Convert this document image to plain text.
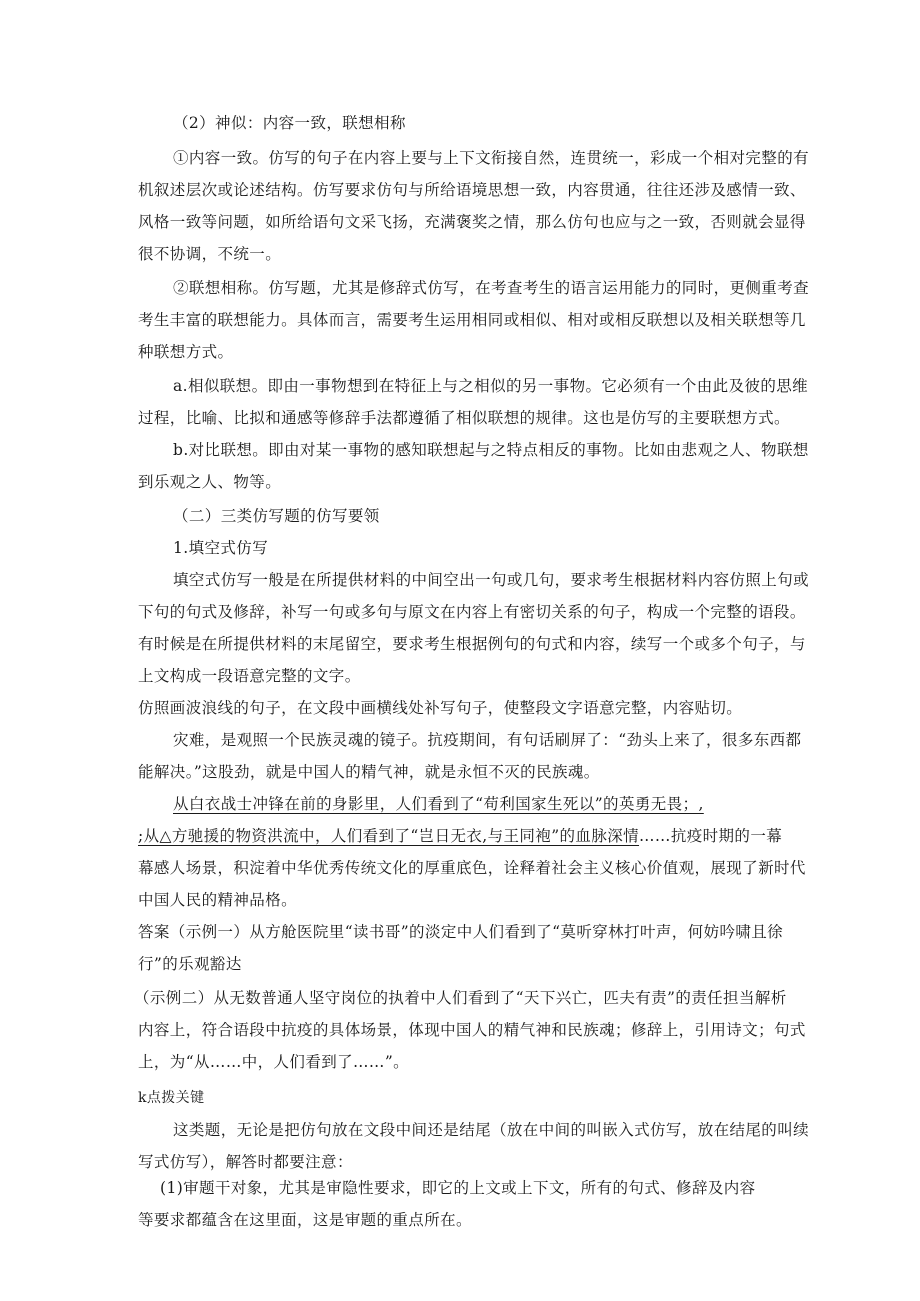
（2）神似：内容一致，联想相称
①内容一致。仿写的句子在内容上要与上下文衔接自然，连贯统一，彩成一个相对完整的有
机叙述层次或论述结构。仿写要求仿句与所给语境思想一致，内容贯通，往往还涉及感情一致、
风格一致等问题，如所给语句文采飞扬，充满褒奖之情，那么仿句也应与之一致，否则就会显得
很不协调，不统一。
②联想相称。仿写题，尤其是修辞式仿写，在考查考生的语言运用能力的同时，更侧重考查
考生丰富的联想能力。具体而言，需要考生运用相同或相似、相对或相反联想以及相关联想等几
种联想方式。
a.相似联想。即由一事物想到在特征上与之相似的另一事物。它必须有一个由此及彼的思维
过程，比喻、比拟和通感等修辞手法都遵循了相似联想的规律。这也是仿写的主要联想方式。
b.对比联想。即由对某一事物的感知联想起与之特点相反的事物。比如由悲观之人、物联想
到乐观之人、物等。
（二）三类仿写题的仿写要领
1.填空式仿写
填空式仿写一般是在所提供材料的中间空出一句或几句，要求考生根据材料内容仿照上句或
下句的句式及修辞，补写一句或多句与原文在内容上有密切关系的句子，构成一个完整的语段。
有时候是在所提供材料的末尾留空，要求考生根据例句的句式和内容，续写一个或多个句子，与
上文构成一段语意完整的文字。
仿照画波浪线的句子，在文段中画横线处补写句子，使整段文字语意完整，内容贴切。
灾难，是观照一个民族灵魂的镜子。抗疫期间，有句话刷屏了：“劲头上来了，很多东西都
能解决。”这股劲，就是中国人的精气神，就是永恒不灭的民族魂。
从白衣战士冲锋在前的身影里，人们看到了“苟利国家生死以”的英勇无畏；,
;从△方驰援的物资洪流中，人们看到了“岂日无衣,与王同袍”的血脉深情……抗疫时期的一幕
幕感人场景，积淀着中华优秀传统文化的厚重底色，诠释着社会主义核心价值观，展现了新时代
中国人民的精神品格。
答案（示例一）从方舱医院里“读书哥”的淡定中人们看到了“莫听穿林打叶声，何妨吟啸且徐
行”的乐观豁达
（示例二）从无数普通人坚守岗位的执着中人们看到了“天下兴亡，匹夫有责”的责任担当解析
内容上，符合语段中抗疫的具体场景，体现中国人的精气神和民族魂；修辞上，引用诗文；句式
上，为“从……中，人们看到了……”。
k点拨关键
这类题，无论是把仿句放在文段中间还是结尾（放在中间的叫嵌入式仿写，放在结尾的叫续
写式仿写），解答时都要注意：
(1)审题干对象，尤其是审隐性要求，即它的上文或上下文，所有的句式、修辞及内容
等要求都蕴含在这里面，这是审题的重点所在。
